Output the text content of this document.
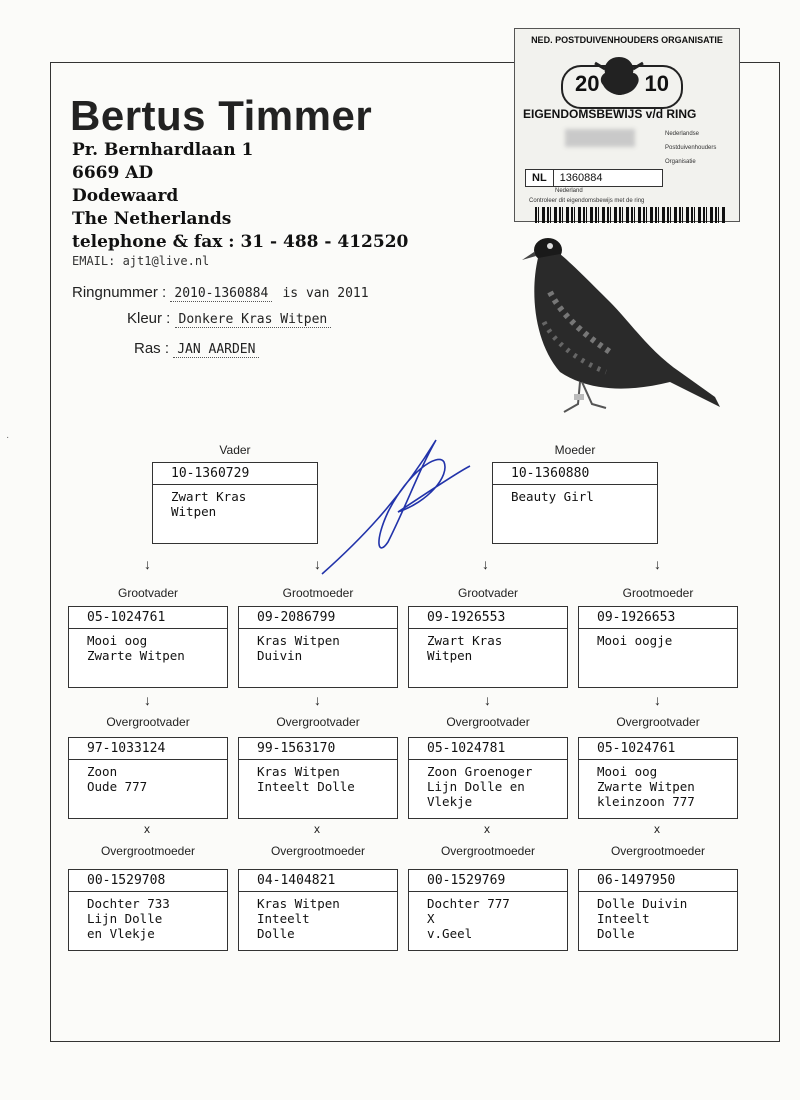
·
Bertus Timmer
Pr. Bernhardlaan 1
6669 AD
Dodewaard
The Netherlands
telephone & fax : 31 - 488 - 412520
EMAIL: ajt1@live.nl
Ringnummer : 2010-1360884 is van 2011
Kleur : Donkere Kras Witpen
Ras : JAN AARDEN
NED. POSTDUIVENHOUDERS ORGANISATIE
20 10
EIGENDOMSBEWIJS v/d RING
Nederlandse
Postduivenhouders
Organisatie
NL	1360884
Nederland
Controleer dit eigendomsbewijs met de ring
Vader	Moeder
10-1360729
Zwart Kras
Witpen
10-1360880
Beauty Girl
05-1024761
Mooi oog
Zwarte Witpen
09-2086799
Kras Witpen
Duivin
09-1926553
Zwart Kras
Witpen
09-1926653
Mooi oogje
97-1033124
Zoon
Oude 777
99-1563170
Kras Witpen
Inteelt Dolle
05-1024781
Zoon Groenoger
Lijn Dolle en
Vlekje
05-1024761
Mooi oog
Zwarte Witpen
kleinzoon 777
00-1529708
Dochter 733
Lijn Dolle
en Vlekje
04-1404821
Kras Witpen
Inteelt
Dolle
00-1529769
Dochter 777
X
v.Geel
06-1497950
Dolle Duivin
Inteelt
Dolle
↓	↓	↓	↓
Grootvader	Grootmoeder	Grootvader	Grootmoeder
↓	↓	↓	↓
Overgrootvader	Overgrootvader	Overgrootvader	Overgrootvader
x	x	x	x
Overgrootmoeder	Overgrootmoeder	Overgrootmoeder	Overgrootmoeder
